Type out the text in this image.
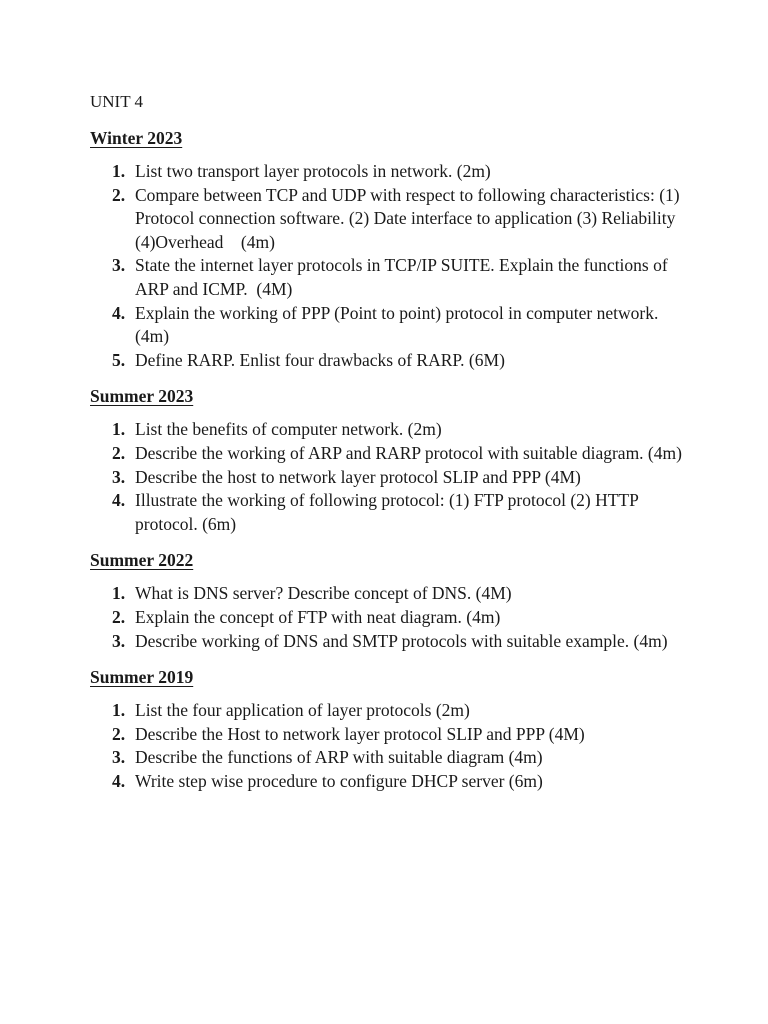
UNIT 4
Winter 2023
1. List two transport layer protocols in network. (2m)
2. Compare between TCP and UDP with respect to following characteristics: (1) Protocol connection software. (2) Date interface to application (3) Reliability (4)Overhead    (4m)
3. State the internet layer protocols in TCP/IP SUITE. Explain the functions of ARP and ICMP.  (4M)
4. Explain the working of PPP (Point to point) protocol in computer network. (4m)
5. Define RARP. Enlist four drawbacks of RARP. (6M)
Summer 2023
1. List the benefits of computer network. (2m)
2. Describe the working of ARP and RARP protocol with suitable diagram. (4m)
3. Describe the host to network layer protocol SLIP and PPP (4M)
4. Illustrate the working of following protocol: (1) FTP protocol (2) HTTP protocol. (6m)
Summer 2022
1. What is DNS server? Describe concept of DNS. (4M)
2. Explain the concept of FTP with neat diagram. (4m)
3. Describe working of DNS and SMTP protocols with suitable example. (4m)
Summer 2019
1. List the four application of layer protocols (2m)
2. Describe the Host to network layer protocol SLIP and PPP (4M)
3. Describe the functions of ARP with suitable diagram (4m)
4. Write step wise procedure to configure DHCP server (6m)
